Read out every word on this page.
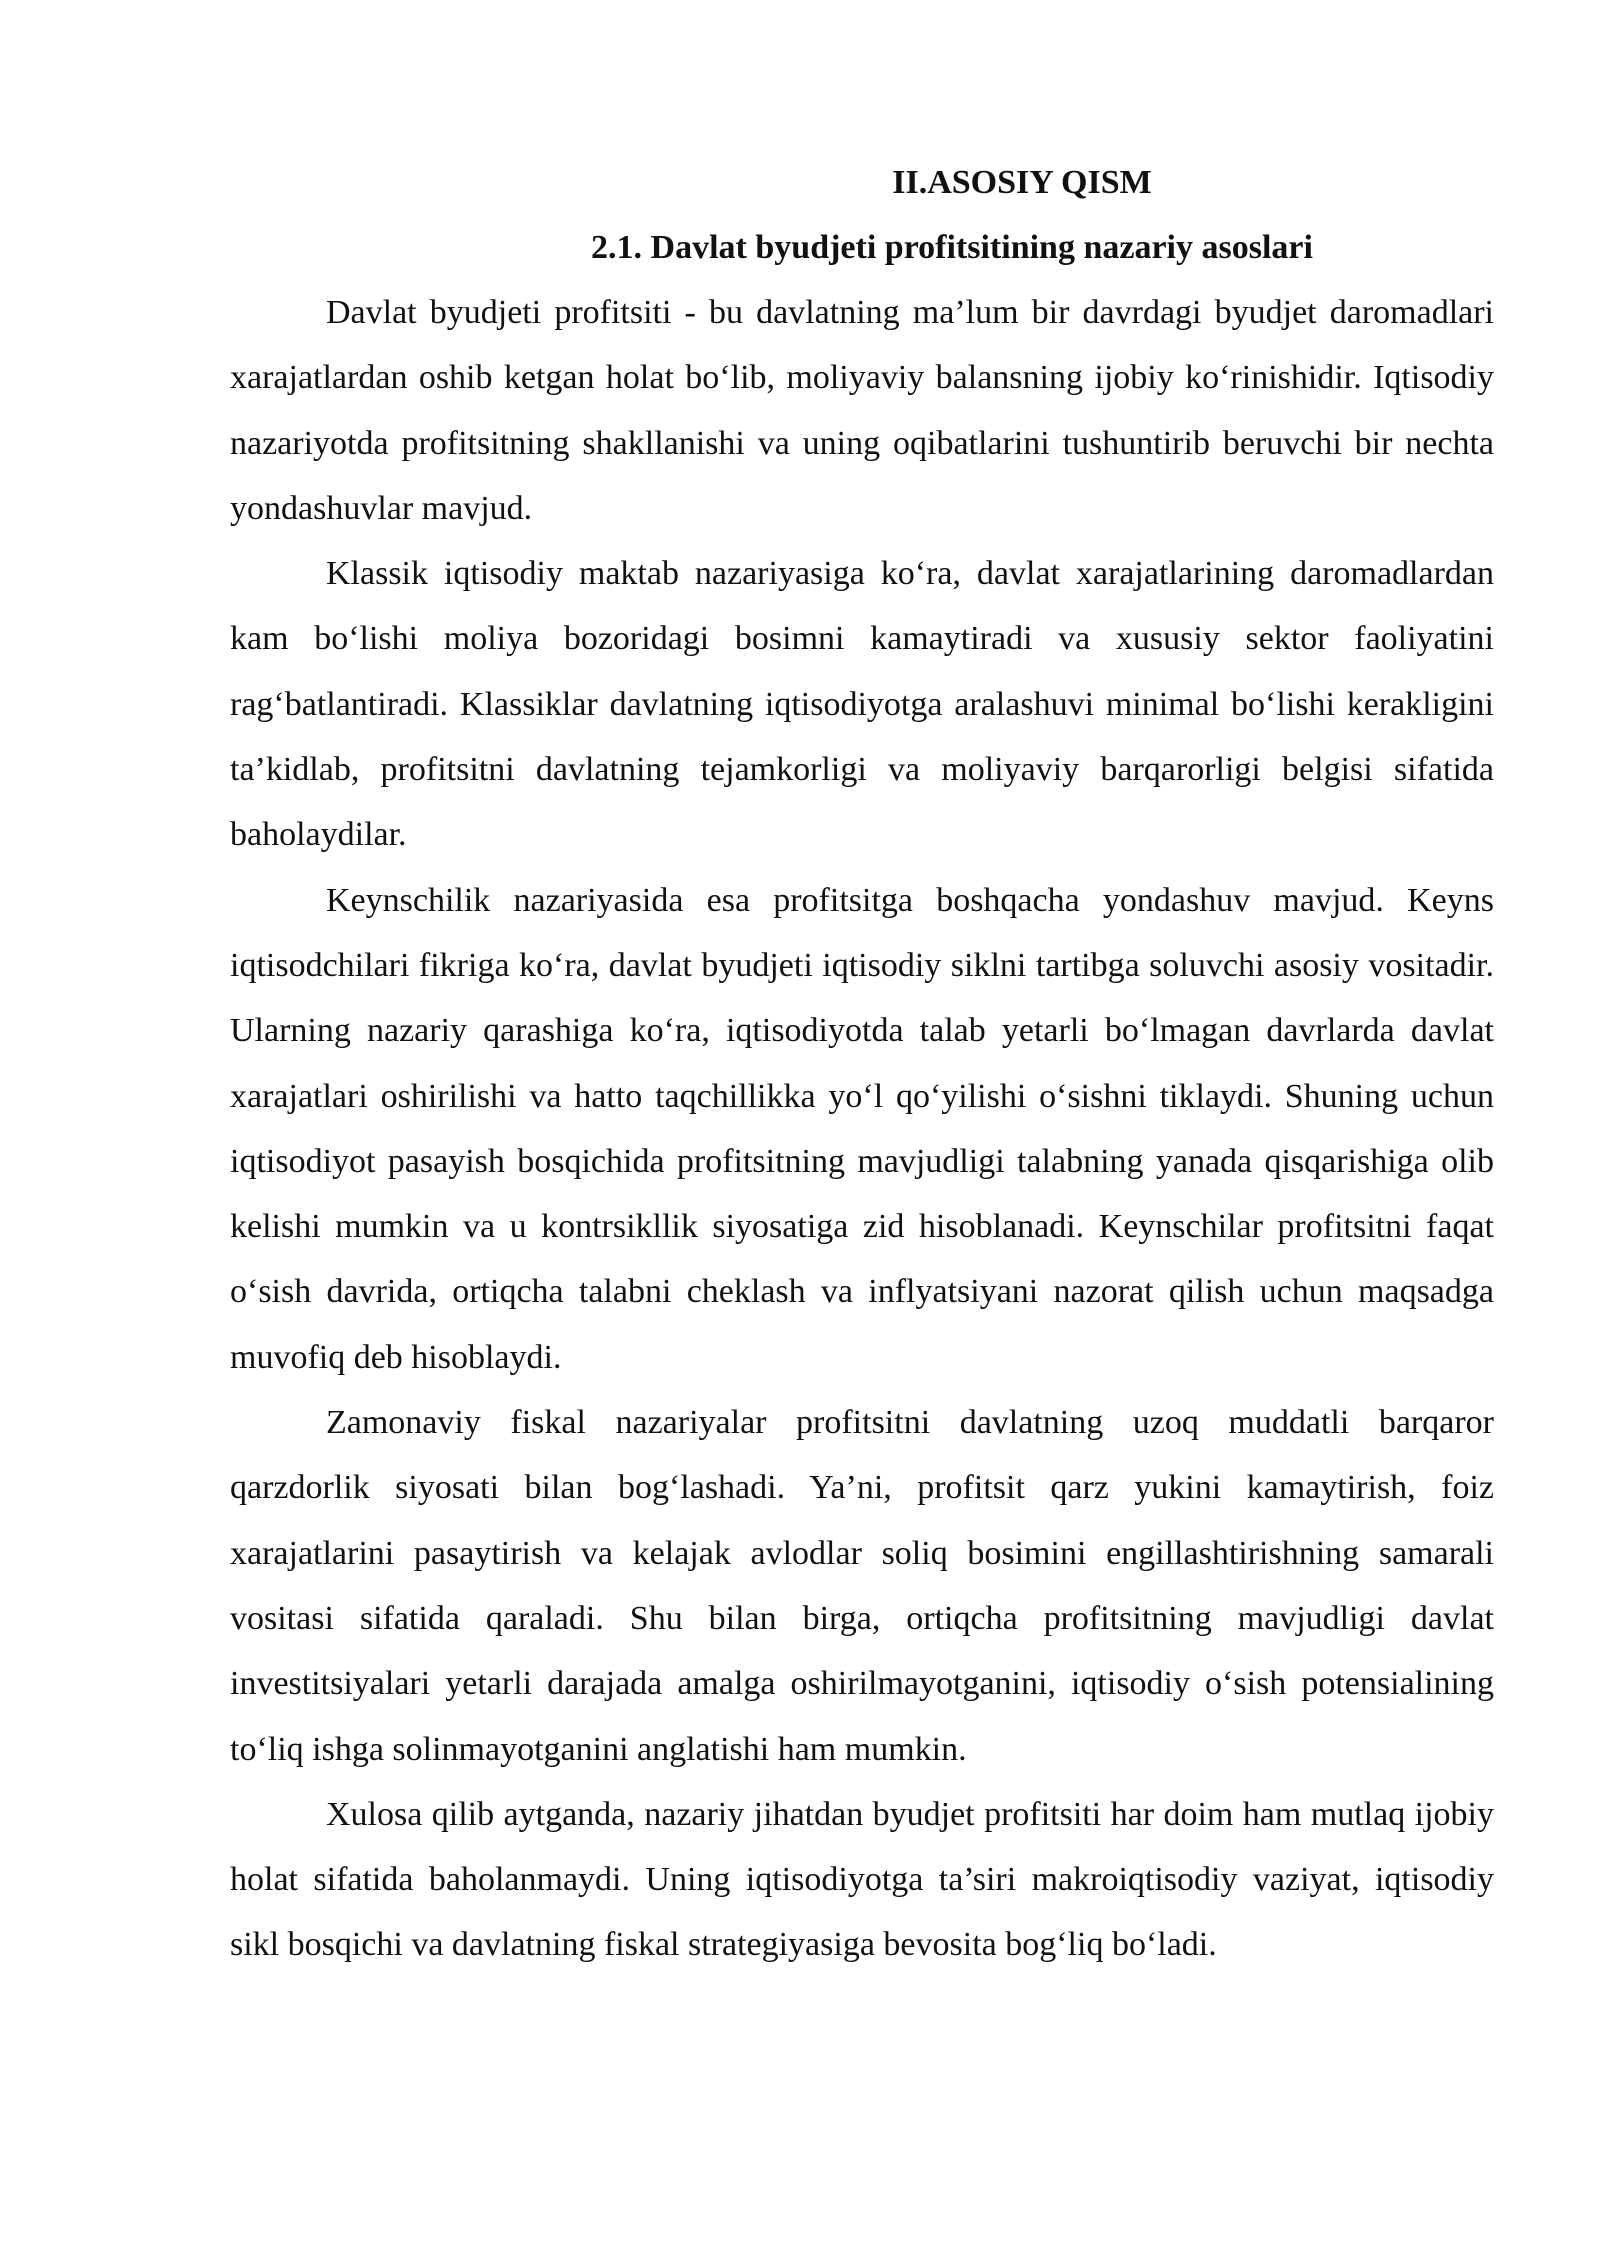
II.ASOSIY QISM
2.1. Davlat byudjeti profitsitining nazariy asoslari

Davlat byudjeti profitsiti - bu davlatning ma’lum bir davrdagi byudjet daromadlari xarajatlardan oshib ketgan holat bo‘lib, moliyaviy balansning ijobiy ko‘rinishidir. Iqtisodiy nazariyotda profitsitning shakllanishi va uning oqibatlarini tushuntirib beruvchi bir nechta yondashuvlar mavjud.

Klassik iqtisodiy maktab nazariyasiga ko‘ra, davlat xarajatlarining daromadlardan kam bo‘lishi moliya bozoridagi bosimni kamaytiradi va xususiy sektor faoliyatini rag‘batlantiradi. Klassiklar davlatning iqtisodiyotga aralashuvi minimal bo‘lishi kerakligini ta’kidlab, profitsitni davlatning tejamkorligi va moliyaviy barqarorligi belgisi sifatida baholaydilar.

Keynschilik nazariyasida esa profitsitga boshqacha yondashuv mavjud. Keyns iqtisodchilari fikriga ko‘ra, davlat byudjeti iqtisodiy siklni tartibga soluvchi asosiy vositadir. Ularning nazariy qarashiga ko‘ra, iqtisodiyotda talab yetarli bo‘lmagan davrlarda davlat xarajatlari oshirilishi va hatto taqchillikka yo‘l qo‘yilishi o‘sishni tiklaydi. Shuning uchun iqtisodiyot pasayish bosqichida profitsitning mavjudligi talabning yanada qisqarishiga olib kelishi mumkin va u kontrsikllik siyosatiga zid hisoblanadi. Keynschilar profitsitni faqat o‘sish davrida, ortiqcha talabni cheklash va inflyatsiyani nazorat qilish uchun maqsadga muvofiq deb hisoblaydi.

Zamonaviy fiskal nazariyalar profitsitni davlatning uzoq muddatli barqaror qarzdorlik siyosati bilan bog‘lashadi. Ya’ni, profitsit qarz yukini kamaytirish, foiz xarajatlarini pasaytirish va kelajak avlodlar soliq bosimini engillashtirishning samarali vositasi sifatida qaraladi. Shu bilan birga, ortiqcha profitsitning mavjudligi davlat investitsiyalari yetarli darajada amalga oshirilmayotganini, iqtisodiy o‘sish potensialining to‘liq ishga solinmayotganini anglatishi ham mumkin.

Xulosa qilib aytganda, nazariy jihatdan byudjet profitsiti har doim ham mutlaq ijobiy holat sifatida baholanmaydi. Uning iqtisodiyotga ta’siri makroiqtisodiy vaziyat, iqtisodiy sikl bosqichi va davlatning fiskal strategiyasiga bevosita bog‘liq bo‘ladi.
